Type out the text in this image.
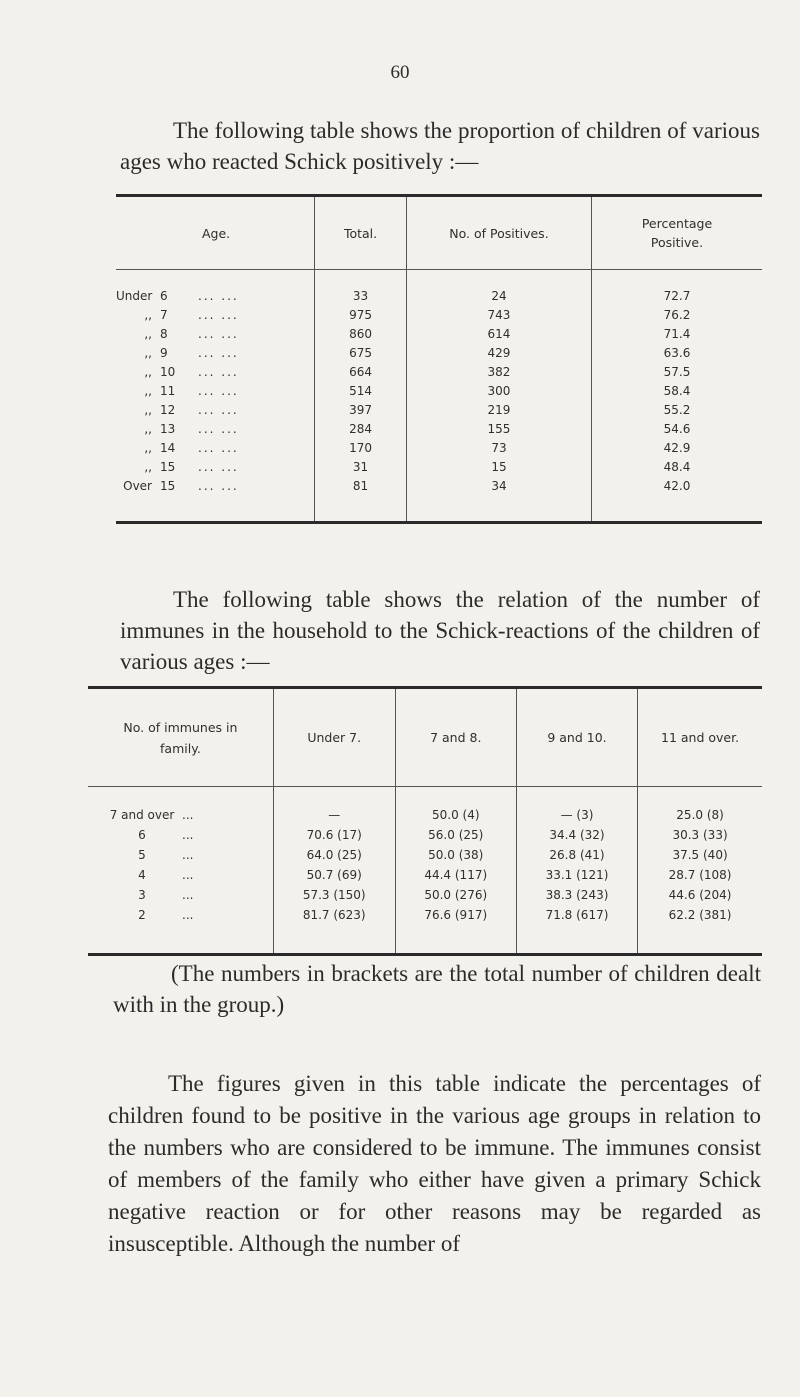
60

The following table shows the proportion of children of various ages who reacted Schick positively :—

Age.	Total.	No. of Positives.	Percentage Positive.

Under 6 ... ...	33	24	72.7
,, 7 ... ...	975	743	76.2
,, 8 ... ...	860	614	71.4
,, 9 ... ...	675	429	63.6
,, 10 ... ...	664	382	57.5
,, 11 ... ...	514	300	58.4
,, 12 ... ...	397	219	55.2
,, 13 ... ...	284	155	54.6
,, 14 ... ...	170	73	42.9
,, 15 ... ...	31	15	48.4
Over 15 ... ...	81	34	42.0

The following table shows the relation of the number of immunes in the household to the Schick-reactions of the children of various ages :—

No. of immunes in family.	Under 7.	7 and 8.	9 and 10.	11 and over.

7 and over ...	—	50.0 (4)	— (3)	25.0 (8)
6 ...	70.6 (17)	56.0 (25)	34.4 (32)	30.3 (33)
5 ...	64.0 (25)	50.0 (38)	26.8 (41)	37.5 (40)
4 ...	50.7 (69)	44.4 (117)	33.1 (121)	28.7 (108)
3 ...	57.3 (150)	50.0 (276)	38.3 (243)	44.6 (204)
2 ...	81.7 (623)	76.6 (917)	71.8 (617)	62.2 (381)

(The numbers in brackets are the total number of children dealt with in the group.)

The figures given in this table indicate the percentages of children found to be positive in the various age groups in relation to the numbers who are considered to be immune. The immunes consist of members of the family who either have given a primary Schick negative reaction or for other reasons may be regarded as insusceptible. Although the number of
